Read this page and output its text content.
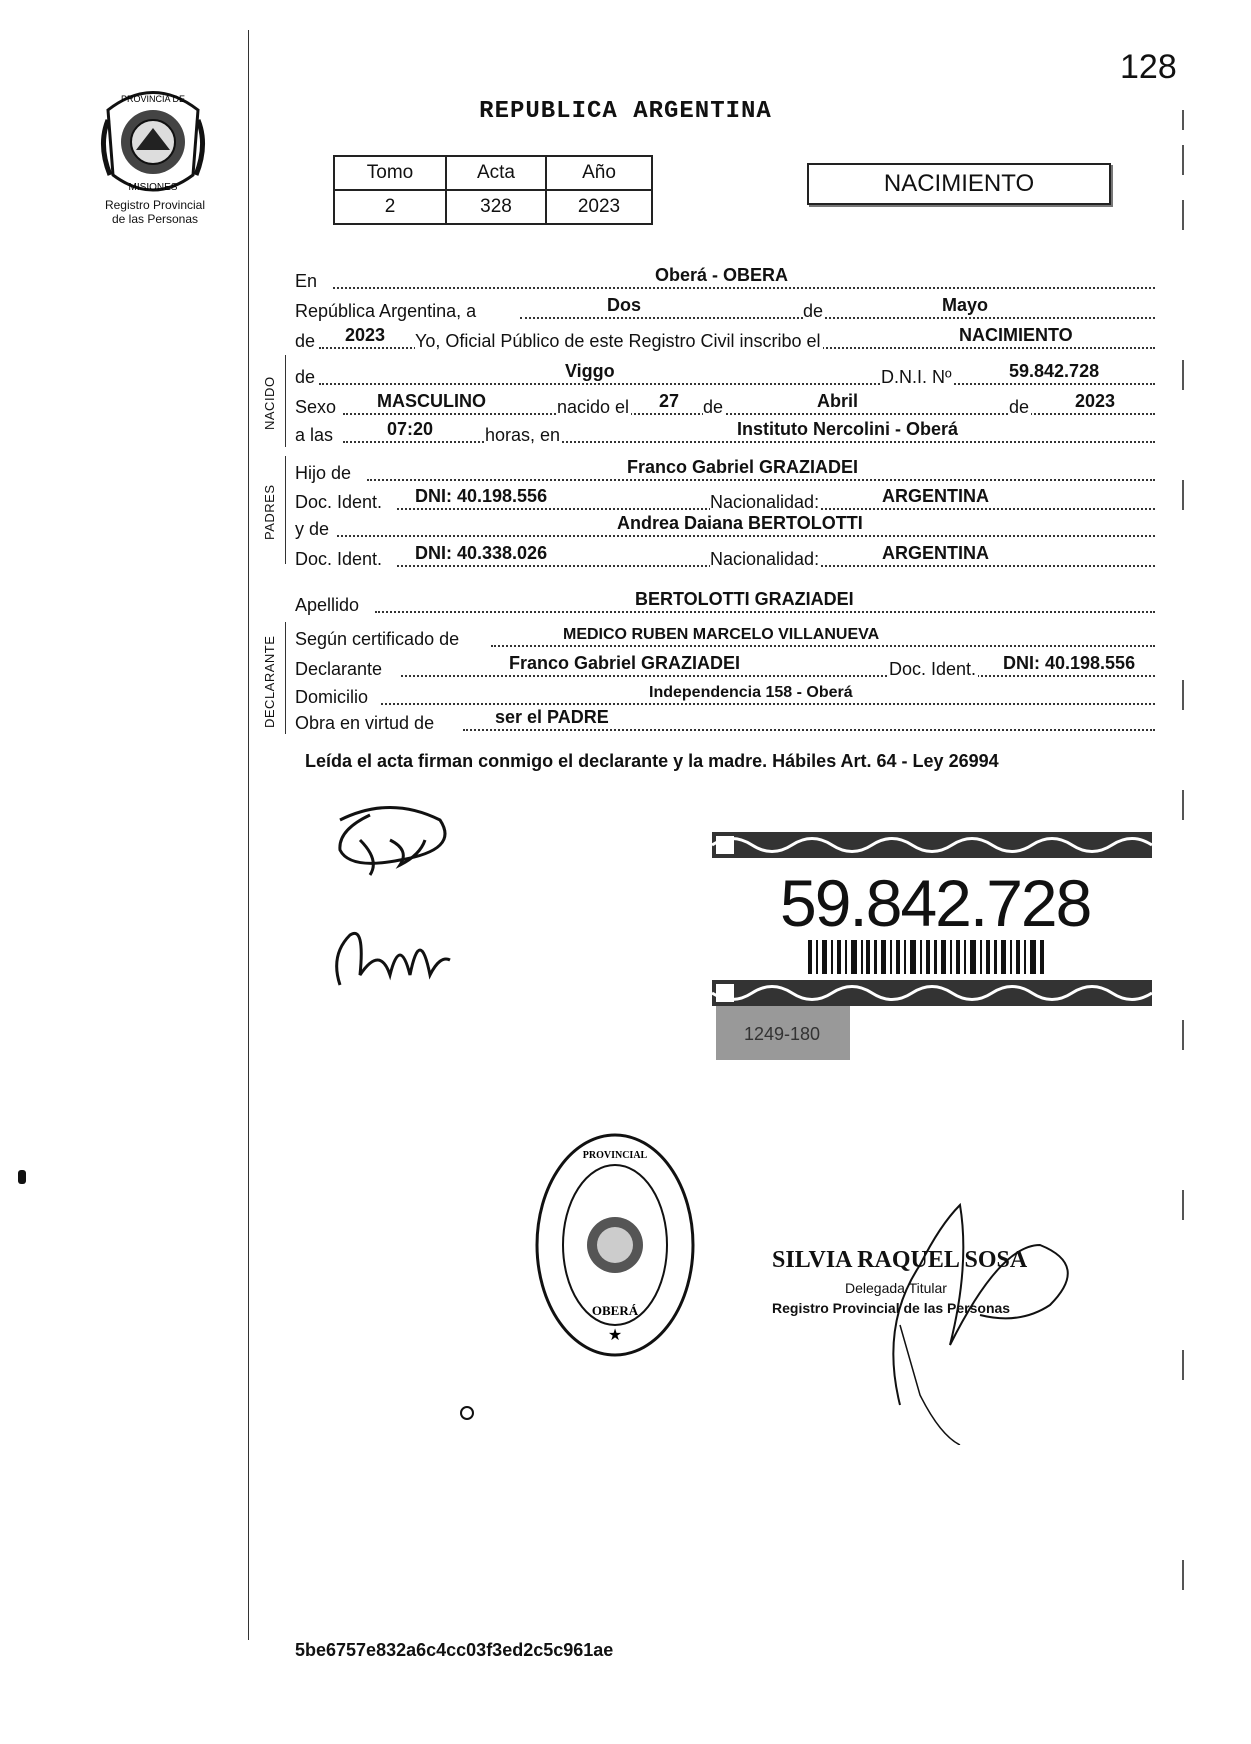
128
REPUBLICA ARGENTINA
PROVINCIA DE
MISIONES
Registro Provincial
de las Personas
Tomo	Acta	Año
2	328	2023
NACIMIENTO
En	Oberá - OBERA
República Argentina, a	Dos	de	Mayo
de 2023 Yo, Oficial Público de este Registro Civil inscribo el	NACIMIENTO
NACIDO de	Viggo	D.N.I. Nº	59.842.728
Sexo MASCULINO	nacido el 27 de	Abril	de	2023
a las	07:20	horas, en	Instituto Nercolini - Oberá
PADRES
Hijo de	Franco Gabriel GRAZIADEI
Doc. Ident. DNI: 40.198.556	Nacionalidad:	ARGENTINA
y de	Andrea Daiana BERTOLOTTI
Doc. Ident. DNI: 40.338.026	Nacionalidad:	ARGENTINA
Apellido	BERTOLOTTI GRAZIADEI
DECLARANTE Según certificado de	MEDICO RUBEN MARCELO VILLANUEVA
Declarante	Franco Gabriel GRAZIADEI	Doc. Ident. DNI: 40.198.556
Domicilio	Independencia 158 - Oberá
Obra en virtud de	ser el PADRE
Leída el acta firman conmigo el declarante y la madre. Hábiles Art. 64 - Ley 26994
59.842.728
1249-180
PROVINCIAL
OBERÁ
★
SILVIA RAQUEL SOSA
Delegada Titular
Registro Provincial de las Personas
5be6757e832a6c4cc03f3ed2c5c961ae
